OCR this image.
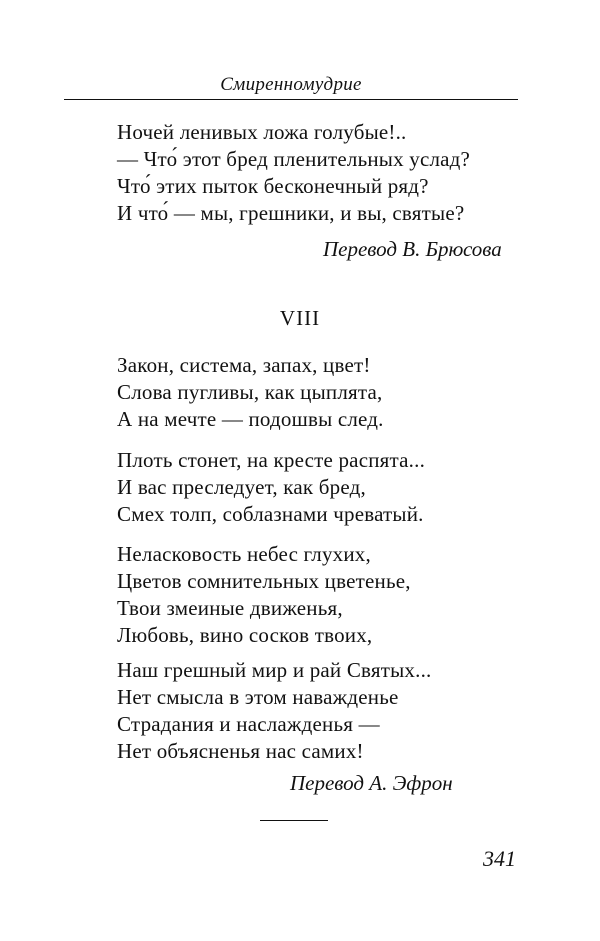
Смиренномудрие
Ночей ленивых ложа голубые!..
— Что́ этот бред пленительных услад?
Что́ этих пыток бесконечный ряд?
И что́ — мы, грешники, и вы, святые?
Перевод В. Брюсова
VIII
Закон, система, запах, цвет!
Слова пугливы, как цыплята,
А на мечте — подошвы след.
Плоть стонет, на кресте распята...
И вас преследует, как бред,
Смех толп, соблазнами чреватый.
Неласковость небес глухих,
Цветов сомнительных цветенье,
Твои змеиные движенья,
Любовь, вино сосков твоих,
Наш грешный мир и рай Святых...
Нет смысла в этом наважденье
Страдания и наслажденья —
Нет объясненья нас самих!
Перевод А. Эфрон
341
